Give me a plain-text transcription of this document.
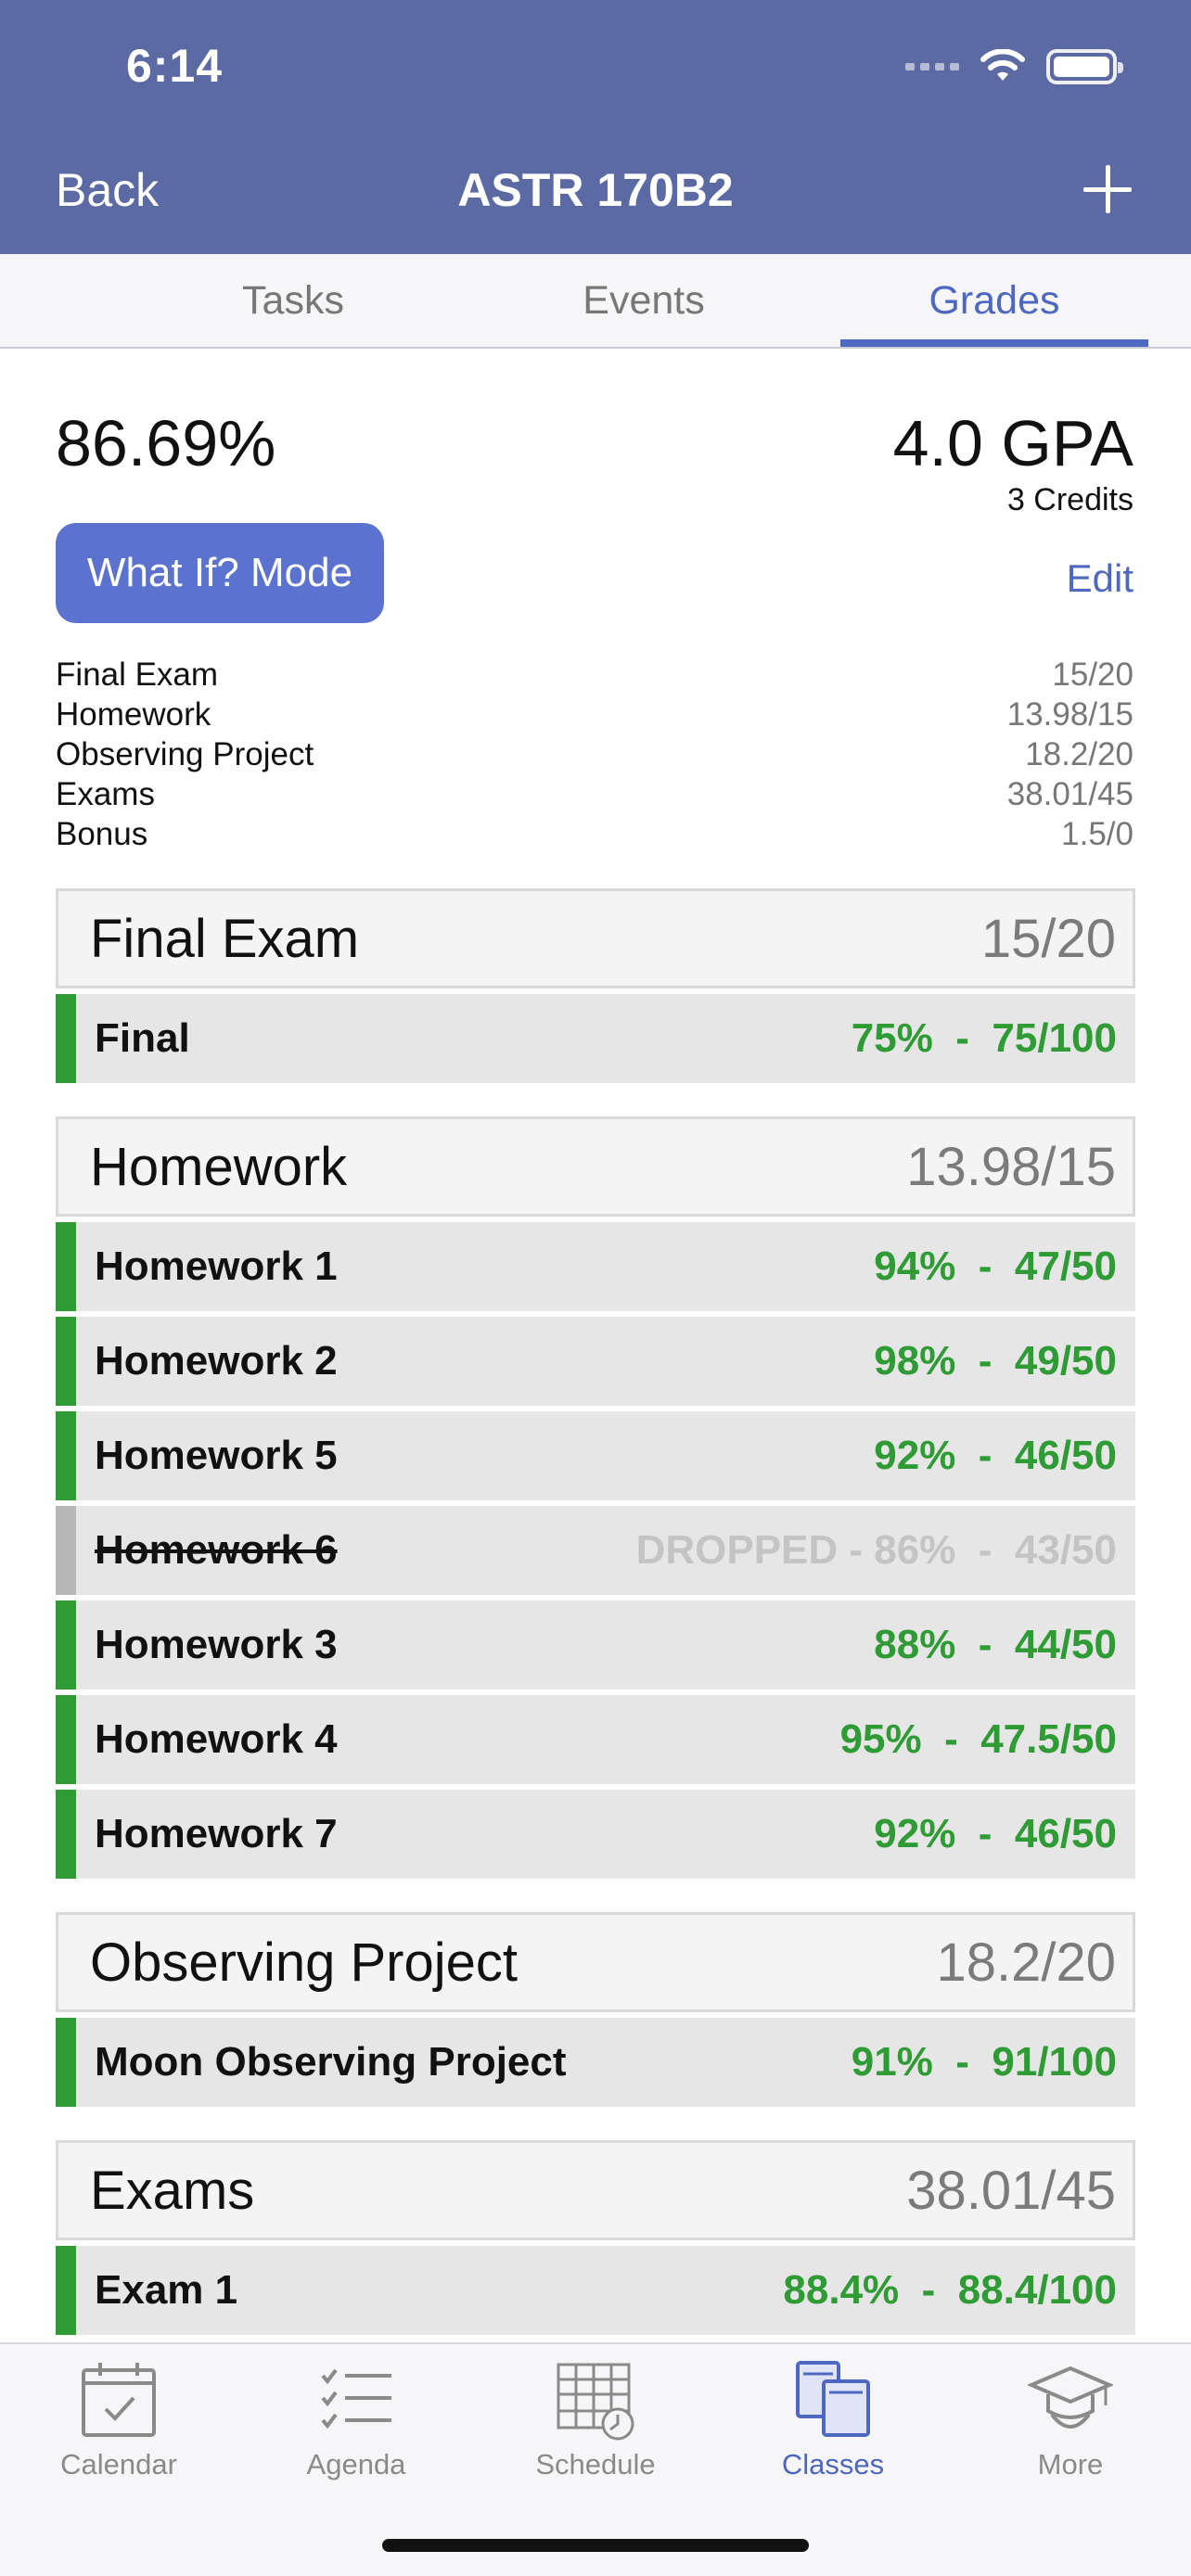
6:14
Back	ASTR 170B2
Tasks	Events	Grades
86.69%	4.0 GPA
3 Credits
What If? Mode	Edit
Final Exam	15/20
Homework	13.98/15
Observing Project	18.2/20
Exams	38.01/45
Bonus	1.5/0
Final Exam	15/20
Final	75%  -  75/100
Homework	13.98/15
Homework 1	94%  -  47/50
Homework 2	98%  -  49/50
Homework 5	92%  -  46/50
Homework 6	DROPPED - 86%  -  43/50
Homework 3	88%  -  44/50
Homework 4	95%  -  47.5/50
Homework 7	92%  -  46/50
Observing Project	18.2/20
Moon Observing Project	91%  -  91/100
Exams	38.01/45
Exam 1	88.4%  -  88.4/100
Calendar	Agenda	Schedule	Classes	More
